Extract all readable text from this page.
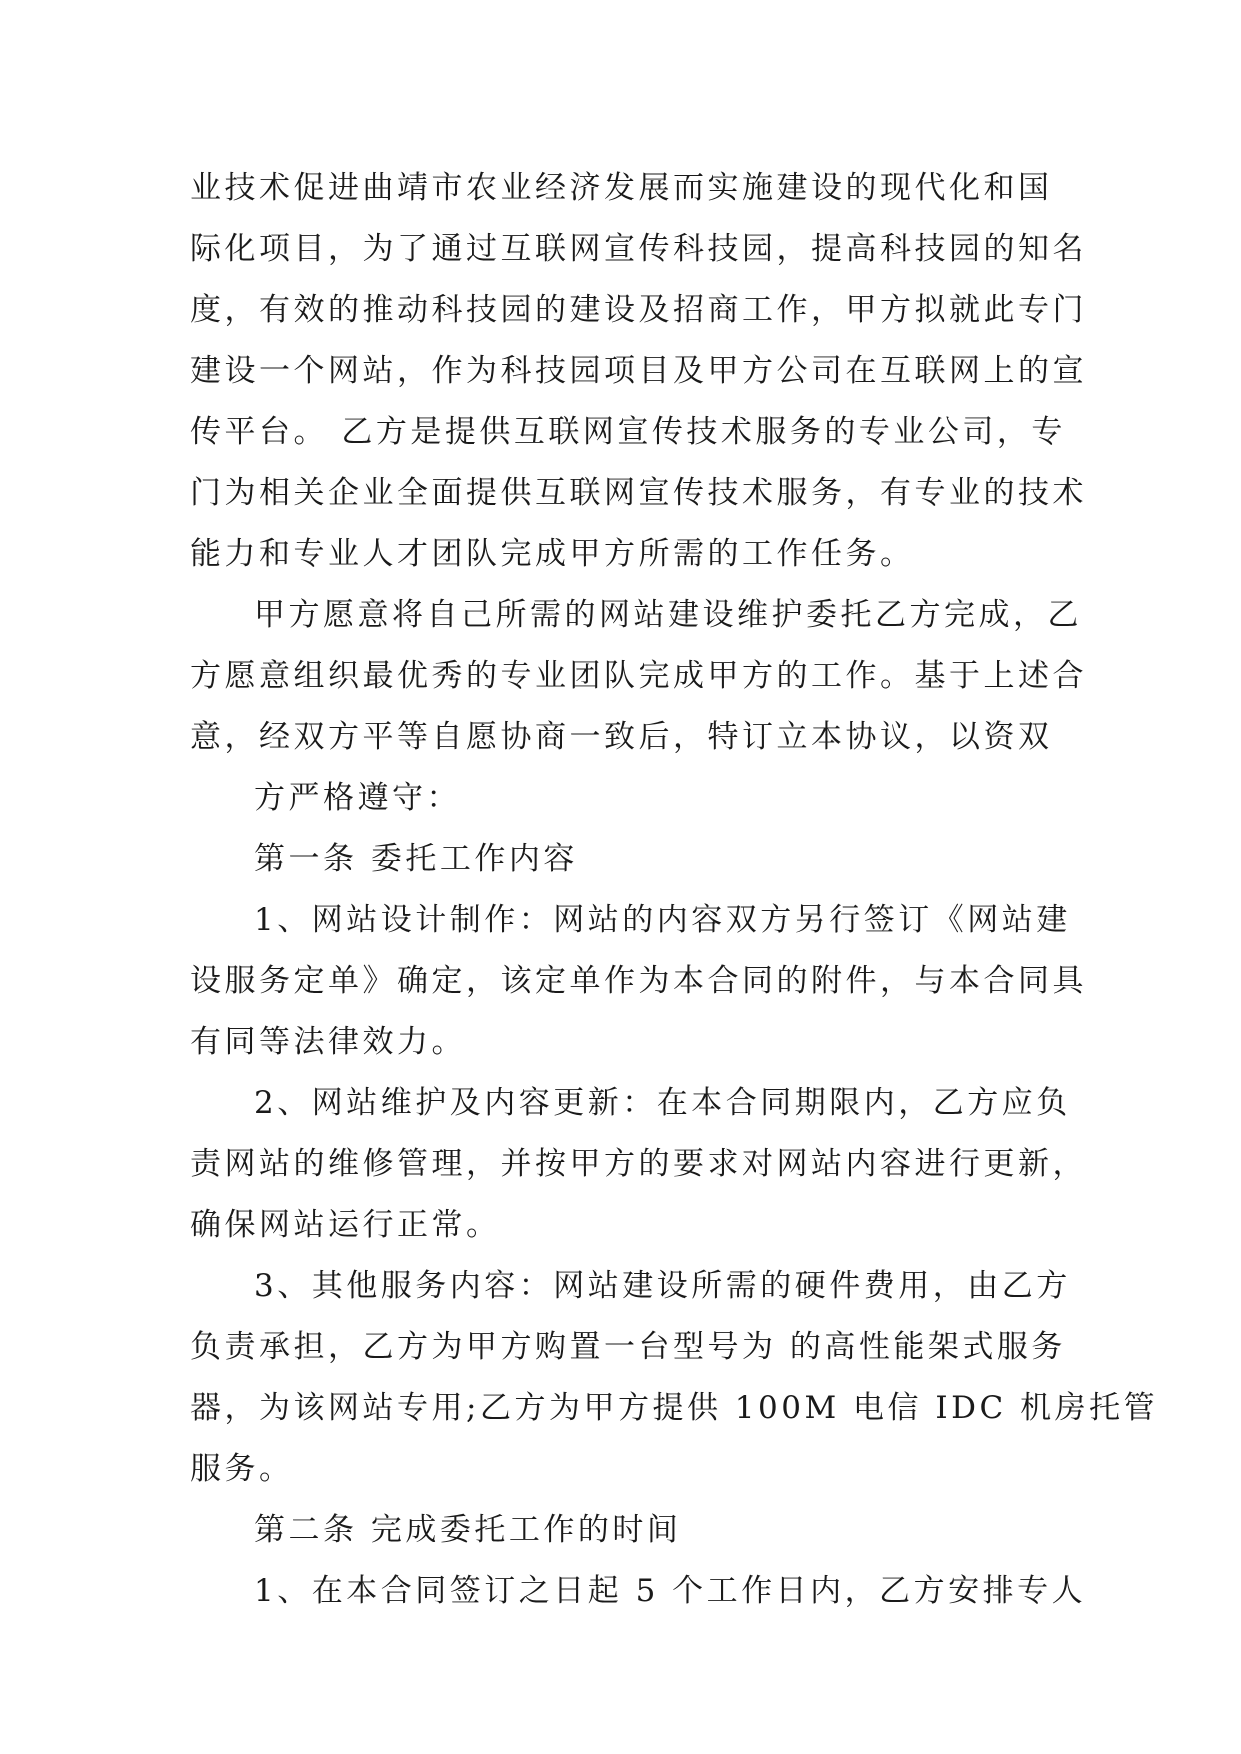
业技术促进曲靖市农业经济发展而实施建设的现代化和国
际化项目，为了通过互联网宣传科技园，提高科技园的知名
度，有效的推动科技园的建设及招商工作，甲方拟就此专门
建设一个网站，作为科技园项目及甲方公司在互联网上的宣
传平台。 乙方是提供互联网宣传技术服务的专业公司，专
门为相关企业全面提供互联网宣传技术服务，有专业的技术
能力和专业人才团队完成甲方所需的工作任务。
甲方愿意将自己所需的网站建设维护委托乙方完成，乙
方愿意组织最优秀的专业团队完成甲方的工作。基于上述合
意，经双方平等自愿协商一致后，特订立本协议，以资双
方严格遵守：
第一条 委托工作内容
1、网站设计制作：网站的内容双方另行签订《网站建
设服务定单》确定，该定单作为本合同的附件，与本合同具
有同等法律效力。
2、网站维护及内容更新：在本合同期限内，乙方应负
责网站的维修管理，并按甲方的要求对网站内容进行更新，
确保网站运行正常。
3、其他服务内容：网站建设所需的硬件费用，由乙方
负责承担，乙方为甲方购置一台型号为 的高性能架式服务
器，为该网站专用;乙方为甲方提供 100M 电信 IDC 机房托管
服务。
第二条 完成委托工作的时间
1、在本合同签订之日起 5 个工作日内，乙方安排专人
